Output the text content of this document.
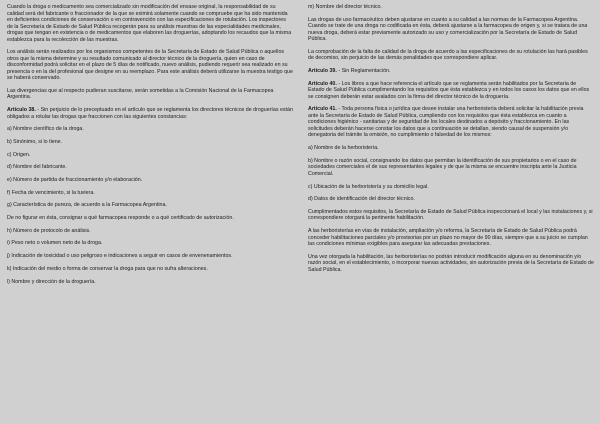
Cuando la droga o medicamento sea comercializado sin modificación del envase original, la responsabilidad de su calidad será del fabricante o fraccionador de la que se eximirá solamente cuando se compruebe que ha sido mantenida en deficientes condiciones de conservación o en contravención con las especificaciones de rotulación. Los inspectores de la Secretaría de Estado de Salud Pública recogerán para su análisis muestras de las especialidades medicinales, drogas que tengan en existencia o de medicamentos que elaboren las droguerías, adoptando los recaudos que la misma establezca para la recolección de las muestras.

Los análisis serán realizados por los organismos competentes de la Secretaría de Estado de Salud Pública o aquellos otros que la misma determine y su resultado comunicado al director técnico de la droguería, quien en caso de disconformidad podrá solicitar en el plazo de 5 días de notificado, nuevo análisis, pudiendo requerir sea realizado en su presencia o en la del profesional que designe en su reemplazo. Para este análisis deberá utilizarse la muestra testigo que se haberá conservado.

Las divergencias que al respecto pudieran suscitarse, serán sometidas a la Comisión Nacional de la Farmacopea Argentina.

Artículo 38. - Sin perjuicio de lo preceptuado en el artículo que se reglamenta los directores técnicos de droguerías están obligados a rotular las drogas que fraccionen con las siguientes constancias:

a) Nombre científico de la droga.

b) Sinónimo, si lo tiene.

c) Origen.

d) Nombre del fabricante.

e) Número de partida de fraccionamiento y/o elaboración.

f) Fecha de vencimiento, si la tuviera.

g) Característica de pureza, de acuerdo a la Farmacopea Argentina.

De no figurar en ésta, consignar a qué farmacopea responde o a qué certificado de autorización.

h) Número de protocolo de análisis.

i) Peso neto o volumen neto de la droga.

j) Indicación de toxicidad o uso peligroso e indicaciones a seguir en casos de envenenamientos.

k) Indicación del medio o forma de conservar la droga para que no sufra alteraciones.

l) Nombre y dirección de la droguería.

m) Nombre del director técnico.

Las drogas de uso farmacéutico deben ajustarse en cuanto a su calidad a las normas de la Farmacopea Argentina. Cuando se trate de una droga no codificada en ésta, deberá ajustarse a la farmacopea de origen y, si se tratara de una nueva droga, deberá estar previamente autorizado su uso y comercialización por la Secretaría de Estado de Salud Pública.

La comprobación de la falta de calidad de la droga de acuerdo a las especificaciones de su rotulación las hará pasibles de decomiso, sin perjuicio de las demás penalidades que correspondiere aplicar.

Artículo 39. - Sin Reglamentación.

Artículo 40. - Los libros a que hace referencia el artículo que se reglamenta serán habilitados por la Secretaría de Estado de Salud Pública cumplimentando los requisitos que ésta establezca y en todos los casos los datos que en ellos se consignen deberán estar avalados con la firma del director técnico de la droguería.

Artículo 41. - Toda persona física o jurídica que desee instalar una herboristería deberá solicitar la habilitación previa ante la Secretaría de Estado de Salud Pública, cumpliendo con los requisitos que ésta establezca en cuanto a condiciones higiénico - sanitarias y de seguridad de los locales destinados a depósito y fraccionamiento. En las solicitudes deberán hacerse constar los datos que a continuación se detallan, siendo causal de suspensión y/o denegatoria del trámite la omisión, no cumplimiento o falsedad de los mismos:

a) Nombre de la herboristería.

b) Nombre o razón social, consignando los datos que permitan la identificación de sus propietarios o en el caso de sociedades comerciales el de sus representantes legales y de que la misma se encuentre inscripta ante la Justicia Comercial.

c) Ubicación de la herboristería y su domicilio legal.

d) Datos de identificación del director técnico.

Cumplimentados estos requisitos, la Secretaría de Estado de Salud Pública inspeccionará el local y las instalaciones y, si correspondiere otorgará la pertinente habilitación.

A las herboristerías en vías de instalación, ampliación y/o reforma, la Secretaría de Estado de Salud Pública podrá conceder habilitaciones parciales y/o provisorias por un plazo no mayor de 90 días, siempre que a su juicio se cumplan las condiciones mínimas exigibles para asegurar las adecuadas prestaciones.

Una vez otorgada la habilitación, las herboristerías no podrán introducir modificación alguna en su denominación y/o razón social, en el establecimiento, o incorporar nuevas actividades, sin autorización previa de la Secretaría de Estado de Salud Pública.
